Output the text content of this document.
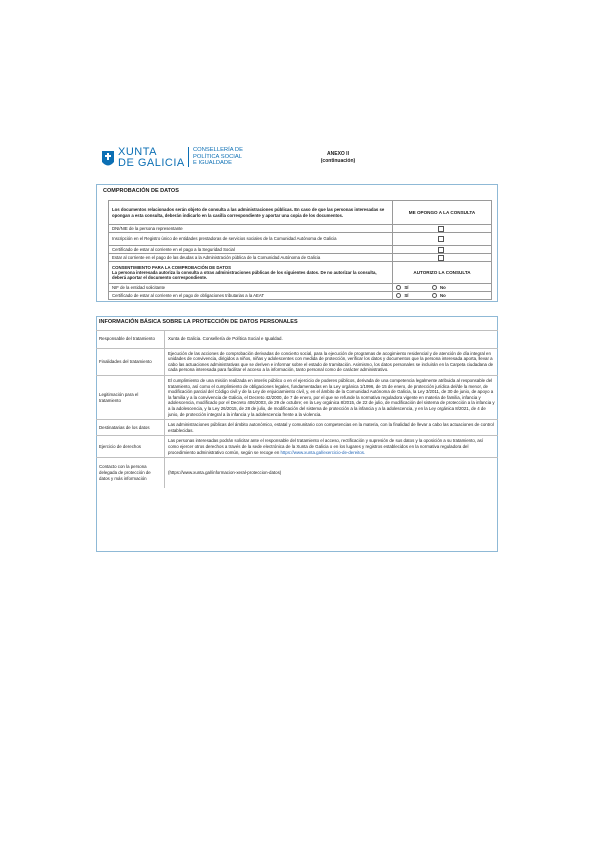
XUNTA
DE GALICIA
CONSELLERÍA DE
POLÍTICA SOCIAL
E IGUALDADE
ANEXO II
(continuación)
COMPROBACIÓN DE DATOS
Los documentos relacionados serán objeto de consulta a las administraciones públicas. En caso de que las personas interesadas se opongan a esta consulta, deberán indicarlo en la casilla correspondiente y aportar una copia de los documentos.	ME OPONGO A LA CONSULTA
DNI/NIE de la persona representante	
Inscripción en el Registro único de entidades prestadoras de servicios sociales de la Comunidad Autónoma de Galicia	
Certificado de estar al corriente en el pago a la Seguridad Social	
Estar al corriente en el pago de las deudas a la Administración pública de la Comunidad Autónoma de Galicia	

CONSENTIMIENTO PARA LA COMPROBACIÓN DE DATOS
La persona interesada autoriza la consulta a otras administraciones públicas de los siguientes datos. De no autorizar la consulta, deberá aportar el documento correspondiente.	AUTORIZO LA CONSULTA
NIF de la entidad solicitante	SÍ No
Certificado de estar al corriente en el pago de obligaciones tributarias a la AEAT	SÍ No
INFORMACIÓN BÁSICA SOBRE LA PROTECCIÓN DE DATOS PERSONALES	
Responsable del tratamiento	Xunta de Galicia. Consellería de Política Social e Igualdad.
Finalidades del tratamiento	Ejecución de las acciones de comprobación derivadas de concierto social, para la ejecución de programas de acogimiento residencial y de atención de día integral en unidades de convivencia, dirigidos a niños, niñas y adolescentes con medida de protección, verificar los datos y documentos que la persona interesada aporta, llevar a cabo las actuaciones administrativas que se deriven e informar sobre el estado de tramitación. Asimismo, los datos personales se incluirán en la Carpeta ciudadana de cada persona interesada para facilitar el acceso a la información, tanto personal como de carácter administrativo.
Legitimación para el tratamiento	El cumplimiento de una misión realizada en interés público o en el ejercicio de poderes públicos, derivada de una competencia legalmente atribuida al responsable del tratamiento, así como el cumplimiento de obligaciones legales, fundamentadas en la Ley orgánica 1/1996, de 15 de enero, de protección jurídica del/de la menor, de modificación parcial del Código civil y de la Ley de enjuiciamiento civil, y, en el ámbito de la Comunidad Autónoma de Galicia, la Ley 3/2011, de 30 de junio, de apoyo a la familia y a la convivencia de Galicia, el Decreto 42/2000, de 7 de enero, por el que se refunde la normativa reguladora vigente en materia de familia, infancia y adolescencia, modificado por el Decreto 406/2003, de 29 de octubre; en la Ley orgánica 8/2015, de 22 de julio, de modificación del sistema de protección a la infancia y a la adolescencia, y la Ley 26/2015, de 28 de julio, de modificación del sistema de protección a la infancia y a la adolescencia, y en la Ley orgánica 8/2021, de 4 de junio, de protección integral a la infancia y la adolescencia frente a la violencia.
Destinatarias de los datos	Las administraciones públicas del ámbito autonómico, estatal y comunitario con competencias en la materia, con la finalidad de llevar a cabo las actuaciones de control establecidas.
Ejercicio de derechos	Las personas interesadas podrán solicitar ante el responsable del tratamiento el acceso, rectificación y supresión de sus datos y la oposición a su tratamiento, así como ejercer otros derechos a través de la sede electrónica de la Xunta de Galicia o en los lugares y registros establecidos en la normativa reguladora del procedimiento administrativo común, según se recoge en https://www.xunta.gal/exercicio-de-dereitos.
Contacto con la persona delegada de protección de datos y más información	(https://www.xunta.gal/informacion-xeral-proteccion-datos)
